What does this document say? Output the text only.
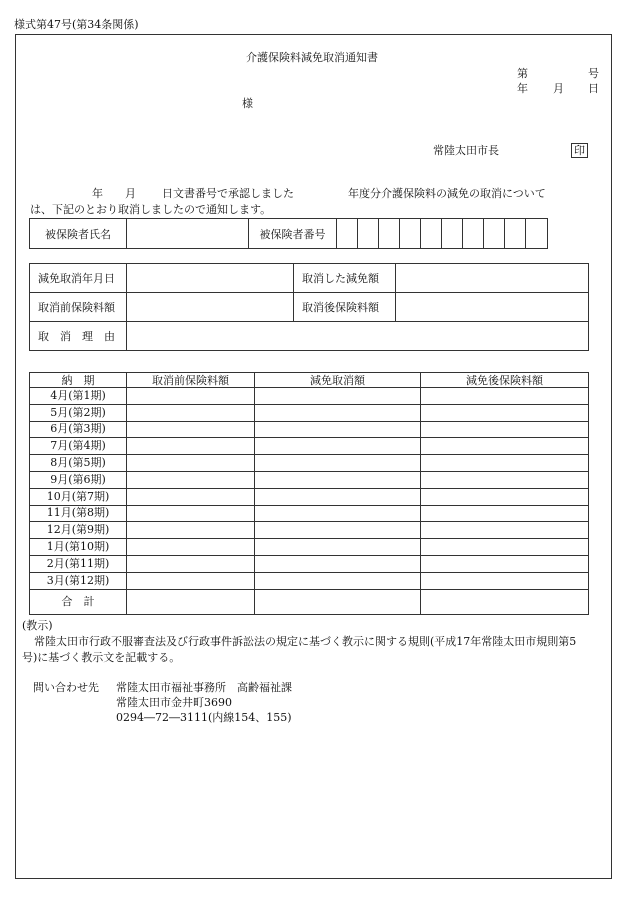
様式第47号(第34条関係)
介護保険料減免取消通知書
第	号
年 月 日
様
常陸太田市長	印
年 月 日文書番号で承認しました	年度分介護保険料の減免の取消について
は、下記のとおり取消しましたので通知します。
被保険者氏名		被保険者番号										
減免取消年月日		取消した減免額	
取消前保険料額		取消後保険料額	
取　消　理　由			
納　期	取消前保険料額	減免取消額	減免後保険料額
4月(第1期)			
5月(第2期)			
6月(第3期)			
7月(第4期)			
8月(第5期)			
9月(第6期)			
10月(第7期)			
11月(第8期)			
12月(第9期)			
1月(第10期)			
2月(第11期)			
3月(第12期)			
合　計			
(教示)
常陸太田市行政不服審査法及び行政事件訴訟法の規定に基づく教示に関する規則(平成17年常陸太田市規則第5
号)に基づく教示文を記載する。
問い合わせ先 常陸太田市福祉事務所　高齢福祉課
常陸太田市金井町3690
0294―72―3111(内線154、155)
